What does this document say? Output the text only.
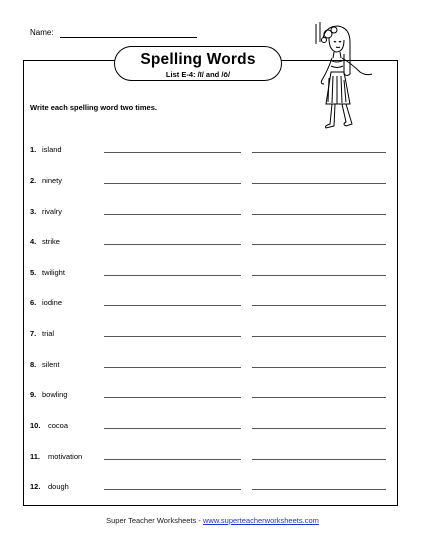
Name:
Spelling Words
List E-4: /ī/ and /ō/
Write each spelling word two times.
1. island
2. ninety
3. rivalry
4. strike
5. twilight
6. iodine
7. trial
8. silent
9. bowling
10. cocoa
11. motivation
12. dough
Super Teacher Worksheets - www.superteacherworksheets.com
